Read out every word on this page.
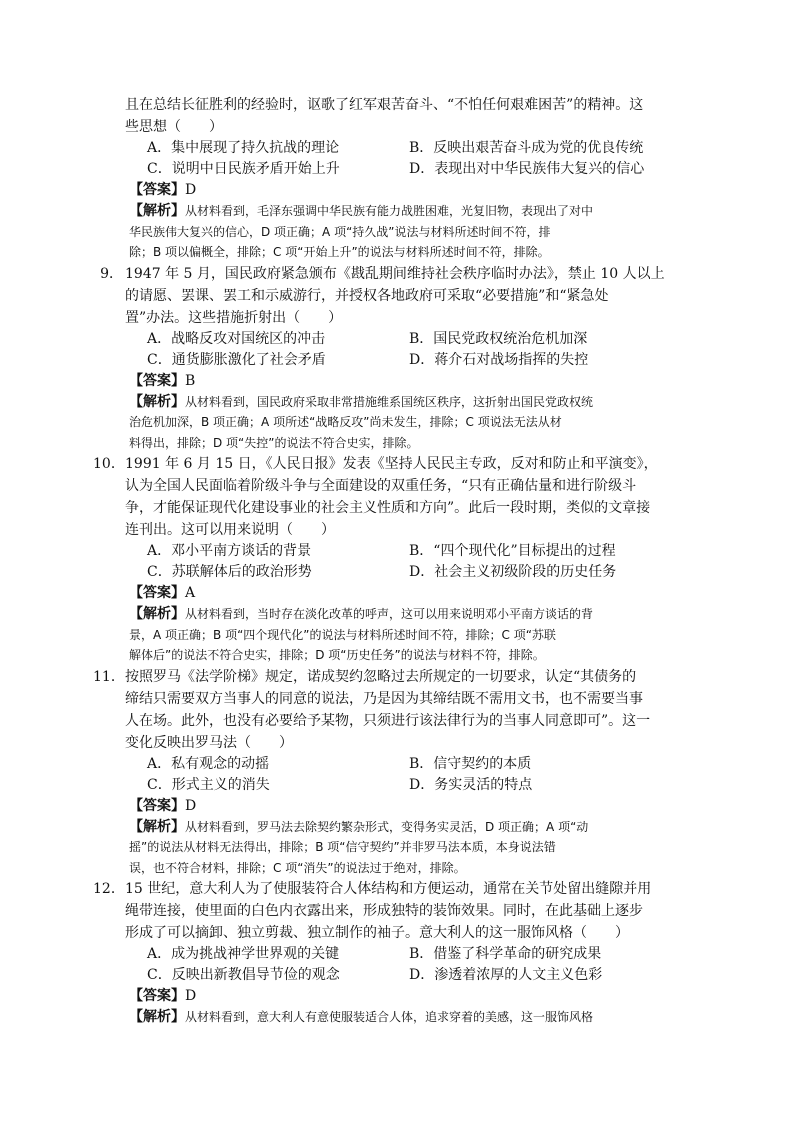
且在总结长征胜利的经验时，讴歌了红军艰苦奋斗、“不怕任何艰难困苦”的精神。这
些思想（　　）
A．集中展现了持久抗战的理论	B．反映出艰苦奋斗成为党的优良传统
C．说明中日民族矛盾开始上升	D．表现出对中华民族伟大复兴的信心
【答案】D
【解析】从材料看到，毛泽东强调中华民族有能力战胜困难，光复旧物，表现出了对中
华民族伟大复兴的信心，D 项正确；A 项“持久战”说法与材料所述时间不符，排
除；B 项以偏概全，排除；C 项“开始上升”的说法与材料所述时间不符，排除。
9． 1947 年 5 月，国民政府紧急颁布《戡乱期间维持社会秩序临时办法》，禁止 10 人以上
的请愿、罢课、罢工和示威游行，并授权各地政府可采取“必要措施”和“紧急处
置”办法。这些措施折射出（　　）
A．战略反攻对国统区的冲击	B．国民党政权统治危机加深
C．通货膨胀激化了社会矛盾	D．蒋介石对战场指挥的失控
【答案】B
【解析】从材料看到，国民政府采取非常措施维系国统区秩序，这折射出国民党政权统
治危机加深，B 项正确；A 项所述“战略反攻”尚未发生，排除；C 项说法无法从材
料得出，排除；D 项“失控”的说法不符合史实，排除。
10． 1991 年 6 月 15 日，《人民日报》发表《坚持人民民主专政，反对和防止和平演变》，
认为全国人民面临着阶级斗争与全面建设的双重任务，“只有正确估量和进行阶级斗
争，才能保证现代化建设事业的社会主义性质和方向”。此后一段时期，类似的文章接
连刊出。这可以用来说明（　　）
A．邓小平南方谈话的背景	B．“四个现代化”目标提出的过程
C．苏联解体后的政治形势	D．社会主义初级阶段的历史任务
【答案】A
【解析】从材料看到，当时存在淡化改革的呼声，这可以用来说明邓小平南方谈话的背
景，A 项正确；B 项“四个现代化”的说法与材料所述时间不符，排除；C 项“苏联
解体后”的说法不符合史实，排除；D 项“历史任务”的说法与材料不符，排除。
11． 按照罗马《法学阶梯》规定，诺成契约忽略过去所规定的一切要求，认定“其债务的
缔结只需要双方当事人的同意的说法，乃是因为其缔结既不需用文书，也不需要当事
人在场。此外，也没有必要给予某物，只须进行该法律行为的当事人同意即可”。这一
变化反映出罗马法（　　）
A．私有观念的动摇	B．信守契约的本质
C．形式主义的消失	D．务实灵活的特点
【答案】D
【解析】从材料看到，罗马法去除契约繁杂形式，变得务实灵活，D 项正确；A 项“动
摇”的说法从材料无法得出，排除；B 项“信守契约”并非罗马法本质，本身说法错
误，也不符合材料，排除；C 项“消失”的说法过于绝对，排除。
12． 15 世纪，意大利人为了使服装符合人体结构和方便运动，通常在关节处留出缝隙并用
绳带连接，使里面的白色内衣露出来，形成独特的装饰效果。同时，在此基础上逐步
形成了可以摘卸、独立剪裁、独立制作的袖子。意大利人的这一服饰风格（　　）
A．成为挑战神学世界观的关键	B．借鉴了科学革命的研究成果
C．反映出新教倡导节俭的观念	D．渗透着浓厚的人文主义色彩
【答案】D
【解析】从材料看到，意大利人有意使服装适合人体，追求穿着的美感，这一服饰风格
